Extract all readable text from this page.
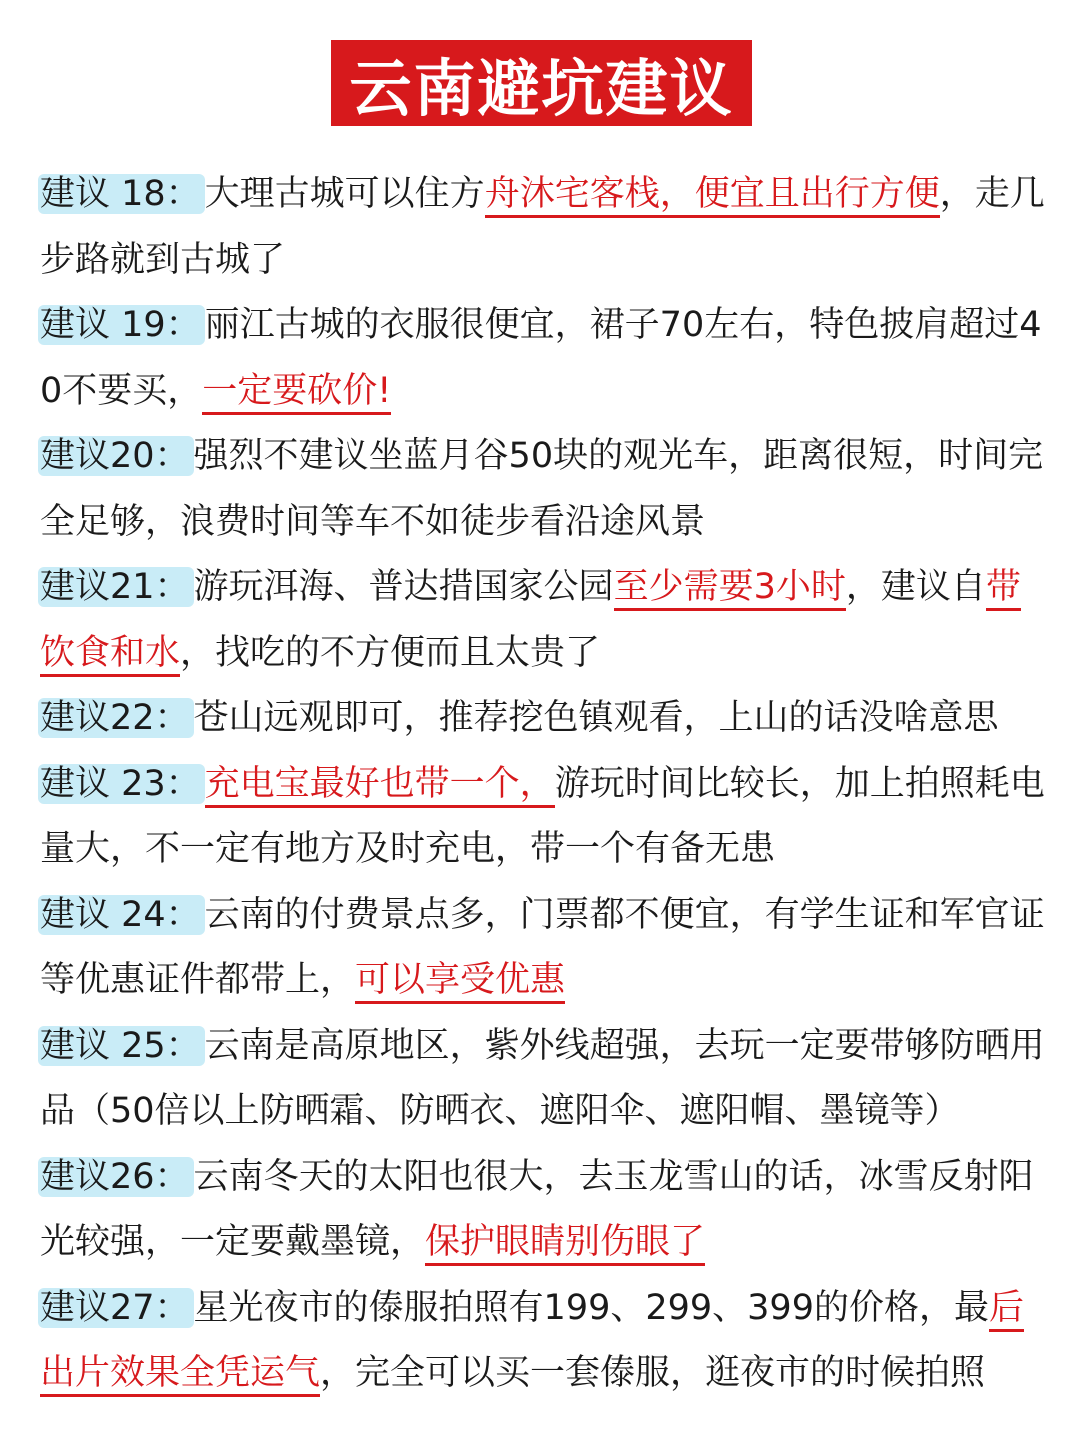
云南避坑建议

建议 18： 大理古城可以住方舟沐宅客栈，便宜且出行方便，走几步路就到古城了

建议 19： 丽江古城的衣服很便宜，裙子70左右，特色披肩超过40不要买，一定要砍价!

建议20： 强烈不建议坐蓝月谷50块的观光车，距离很短，时间完全足够，浪费时间等车不如徒步看沿途风景

建议21： 游玩洱海、普达措国家公园至少需要3小时，建议自带饮食和水，找吃的不方便而且太贵了

建议22： 苍山远观即可，推荐挖色镇观看，上山的话没啥意思

建议 23： 充电宝最好也带一个，游玩时间比较长，加上拍照耗电量大，不一定有地方及时充电，带一个有备无患

建议 24： 云南的付费景点多，门票都不便宜，有学生证和军官证等优惠证件都带上，可以享受优惠

建议 25： 云南是高原地区，紫外线超强，去玩一定要带够防晒用品（50倍以上防晒霜、防晒衣、遮阳伞、遮阳帽、墨镜等）

建议26： 云南冬天的太阳也很大，去玉龙雪山的话，冰雪反射阳光较强，一定要戴墨镜，保护眼睛别伤眼了

建议27： 星光夜市的傣服拍照有199、299、399的价格，最后出片效果全凭运气，完全可以买一套傣服，逛夜市的时候拍照
